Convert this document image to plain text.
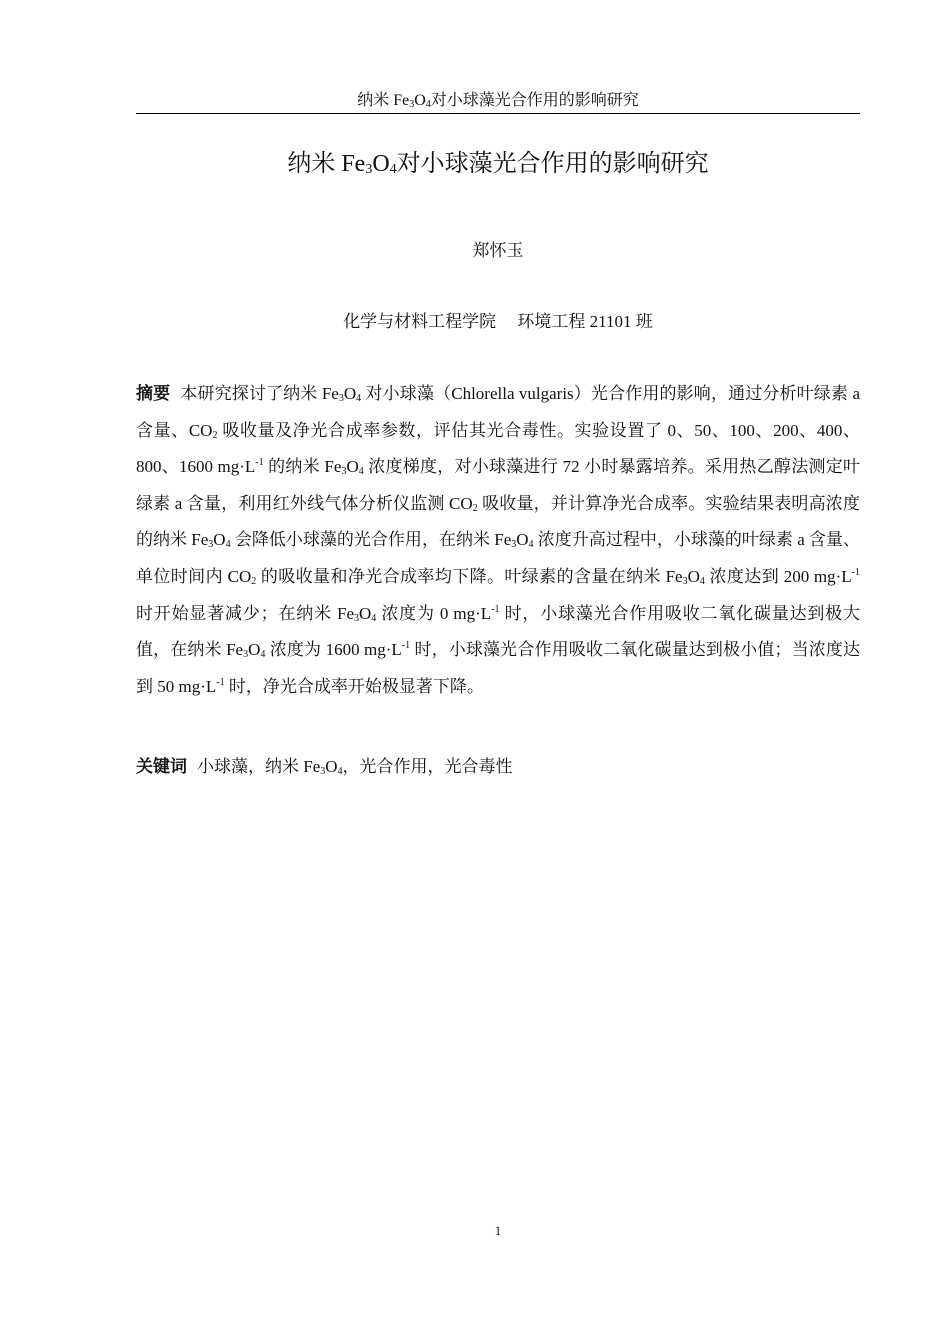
纳米 $Fe_3O_4$对小球藻光合作用的影响研究
纳米 $Fe_3O_4$对小球藻光合作用的影响研究
郑怀玉
化学与材料工程学院　 环境工程 21101 班

摘要 本研究探讨了纳米 $Fe_3O_4$ 对小球藻（Chlorella vulgaris）光合作用的影响，通过分析叶绿素 a 含量、$CO_2$ 吸收量及净光合成率参数，评估其光合毒性。实验设置了 0、50、100、200、400、800、1600 $mg\cdot L^{-1}$ 的纳米 $Fe_3O_4$ 浓度梯度，对小球藻进行 72 小时暴露培养。采用热乙醇法测定叶绿素 a 含量，利用红外线气体分析仪监测 $CO_2$ 吸收量，并计算净光合成率。实验结果表明高浓度的纳米 $Fe_3O_4$ 会降低小球藻的光合作用，在纳米 $Fe_3O_4$ 浓度升高过程中，小球藻的叶绿素 a 含量、单位时间内 $CO_2$ 的吸收量和净光合成率均下降。叶绿素的含量在纳米 $Fe_3O_4$ 浓度达到 200 $mg\cdot L^{-1}$ 时开始显著减少；在纳米 $Fe_3O_4$ 浓度为 0 $mg\cdot L^{-1}$ 时，小球藻光合作用吸收二氧化碳量达到极大值，在纳米 $Fe_3O_4$ 浓度为 1600 $mg\cdot L^{-1}$ 时，小球藻光合作用吸收二氧化碳量达到极小值；当浓度达到 50 $mg\cdot L^{-1}$ 时，净光合成率开始极显著下降。

关键词 小球藻，纳米 $Fe_3O_4$，光合作用，光合毒性

1
